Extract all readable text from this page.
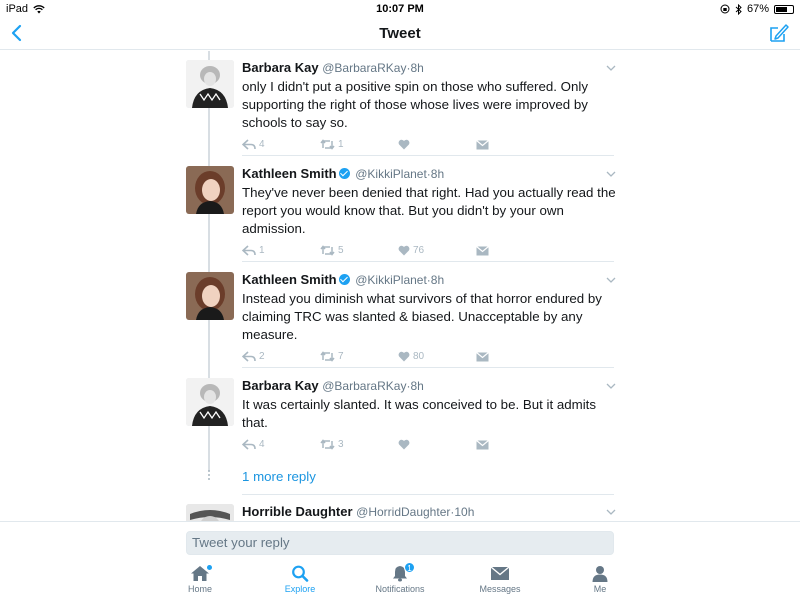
iPad	10:07 PM	67%
Tweet
Barbara Kay @BarbaraRKay·8h
only I didn't put a positive spin on those who suffered. Only supporting the right of those whose lives were improved by schools to say so.
4	1
Kathleen Smith @KikkiPlanet·8h
They've never been denied that right. Had you actually read the report you would know that. But you didn't by your own admission.
1	5	76
Kathleen Smith @KikkiPlanet·8h
Instead you diminish what survivors of that horror endured by claiming TRC was slanted & biased. Unacceptable by any measure.
2	7	80
Barbara Kay @BarbaraRKay·8h
It was certainly slanted. It was conceived to be. But it admits that.
4	3
1 more reply
Horrible Daughter @HorridDaughter·10h
Tweet your reply
Home	Explore
1
Notifications	Messages	Me
